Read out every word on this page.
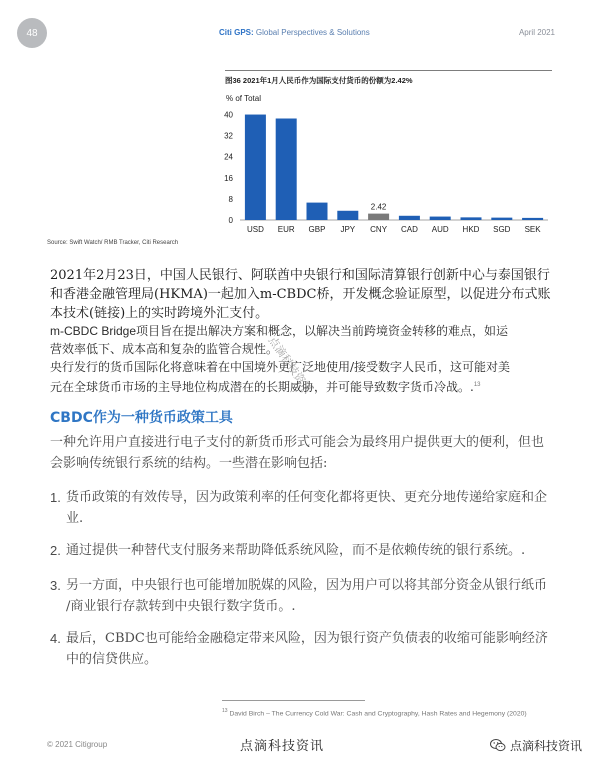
48	Citi GPS: Global Perspectives & Solutions	April 2021
图36 2021年1月人民币作为国际支付货币的份额为2.42%
% of Total
0
8
16
24
32
40
USD EUR GBP JPY CNY CAD AUD HKD SGD SEK
2.42
Source: Swift Watch/ RMB Tracker, Citi Research
2021年2月23日，中国人民银行、阿联酋中央银行和国际清算银行创新中心与泰国银行
和香港金融管理局(HKMA)一起加入m-CBDC桥，开发概念验证原型，以促进分布式账
本技术(链接)上的实时跨境外汇支付。
m-CBDC Bridge项目旨在提出解决方案和概念，以解决当前跨境资金转移的难点，如运
营效率低下、成本高和复杂的监管合规性。
央行发行的货币国际化将意味着在中国境外更广泛地使用/接受数字人民币，这可能对美
元在全球货币市场的主导地位构成潜在的长期威胁，并可能导致数字货币冷战。.$^{13}$
CBDC作为一种货币政策工具
一种允许用户直接进行电子支付的新货币形式可能会为最终用户提供更大的便利，但也
会影响传统银行系统的结构。一些潜在影响包括:
1. 货币政策的有效传导，因为政策利率的任何变化都将更快、更充分地传递给家庭和企
业.
2. 通过提供一种替代支付服务来帮助降低系统风险，而不是依赖传统的银行系统。.
3. 另一方面，中央银行也可能增加脱媒的风险，因为用户可以将其部分资金从银行纸币
/商业银行存款转到中央银行数字货币。.
4. 最后，CBDC也可能给金融稳定带来风险，因为银行资产负债表的收缩可能影响经济
中的信贷供应。
点滴科技资讯
$^{13}$ David Birch – The Currency Cold War: Cash and Cryptography, Hash Rates and Hegemony (2020)
© 2021 Citigroup	点滴科技资讯	点滴科技资讯
